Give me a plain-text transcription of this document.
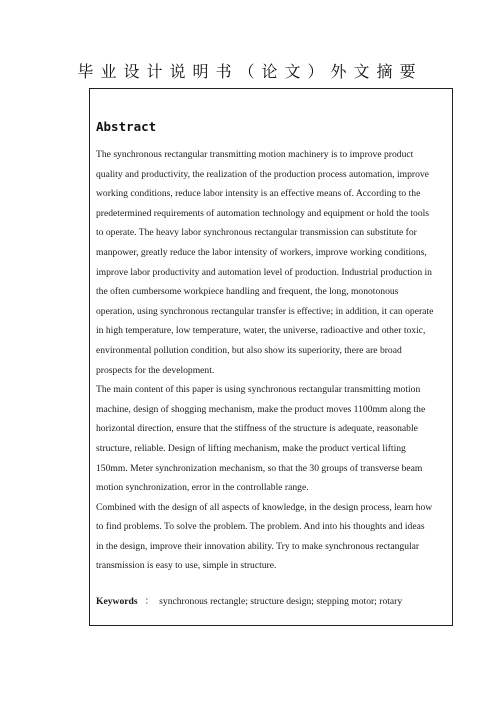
毕业设计说明书（论文）外文摘要
Abstract
The synchronous rectangular transmitting motion machinery is to improve product
quality and productivity, the realization of the production process automation, improve
working conditions, reduce labor intensity is an effective means of. According to the
predetermined requirements of automation technology and equipment or hold the tools
to operate. The heavy labor synchronous rectangular transmission can substitute for
manpower, greatly reduce the labor intensity of workers, improve working conditions,
improve labor productivity and automation level of production. Industrial production in
the often cumbersome workpiece handling and frequent, the long, monotonous
operation, using synchronous rectangular transfer is effective; in addition, it can operate
in high temperature, low temperature, water, the universe, radioactive and other toxic,
environmental pollution condition, but also show its superiority, there are broad
prospects for the development.
The main content of this paper is using synchronous rectangular transmitting motion
machine, design of shogging mechanism, make the product moves 1100mm along the
horizontal direction, ensure that the stiffness of the structure is adequate, reasonable
structure, reliable. Design of lifting mechanism, make the product vertical lifting
150mm. Meter synchronization mechanism, so that the 30 groups of transverse beam
motion synchronization, error in the controllable range.
Combined with the design of all aspects of knowledge, in the design process, learn how
to find problems. To solve the problem. The problem. And into his thoughts and ideas
in the design, improve their innovation ability. Try to make synchronous rectangular
transmission is easy to use, simple in structure.
Keywords ： synchronous rectangle; structure design; stepping motor; rotary
